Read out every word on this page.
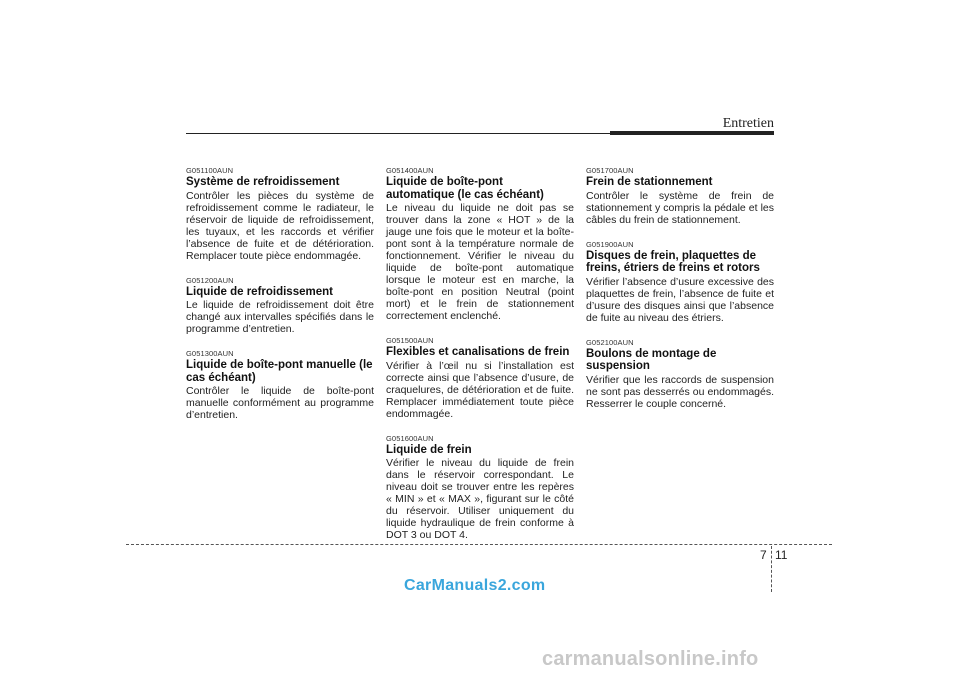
Entretien
G051100AUN
Système de refroidissement
Contrôler les pièces du système de refroidissement comme le radiateur, le réservoir de liquide de refroidissement, les tuyaux, et les raccords et vérifier l’absence de fuite et de détérioration. Remplacer toute pièce endommagée.
G051200AUN
Liquide de refroidissement
Le liquide de refroidissement doit être changé aux intervalles spécifiés dans le programme d’entretien.
G051300AUN
Liquide de boîte-pont manuelle (le cas échéant)
Contrôler le liquide de boîte-pont manuelle conformément au programme d’entretien.
G051400AUN
Liquide de boîte-pont automatique (le cas échéant)
Le niveau du liquide ne doit pas se trouver dans la zone « HOT » de la jauge une fois que le moteur et la boîte-pont sont à la température normale de fonctionnement. Vérifier le niveau du liquide de boîte-pont automatique lorsque le moteur est en marche, la boîte-pont en position Neutral (point mort) et le frein de stationnement correctement enclenché.
G051500AUN
Flexibles et canalisations de frein
Vérifier à l’œil nu si l’installation est correcte ainsi que l’absence d’usure, de craquelures, de détérioration et de fuite. Remplacer immédiatement toute pièce endommagée.
G051600AUN
Liquide de frein
Vérifier le niveau du liquide de frein dans le réservoir correspondant. Le niveau doit se trouver entre les repères « MIN » et « MAX », figurant sur le côté du réservoir. Utiliser uniquement du liquide hydraulique de frein conforme à DOT 3 ou DOT 4.
G051700AUN
Frein de stationnement
Contrôler le système de frein de stationnement y compris la pédale et les câbles du frein de stationnement.
G051900AUN
Disques de frein, plaquettes de freins, étriers de freins et rotors
Vérifier l’absence d’usure excessive des plaquettes de frein, l’absence de fuite et d’usure des disques ainsi que l’absence de fuite au niveau des étriers.
G052100AUN
Boulons de montage de suspension
Vérifier que les raccords de suspension ne sont pas desserrés ou endommagés. Resserrer le couple concerné.
7 11
CarManuals2.com
carmanualsonline.info
